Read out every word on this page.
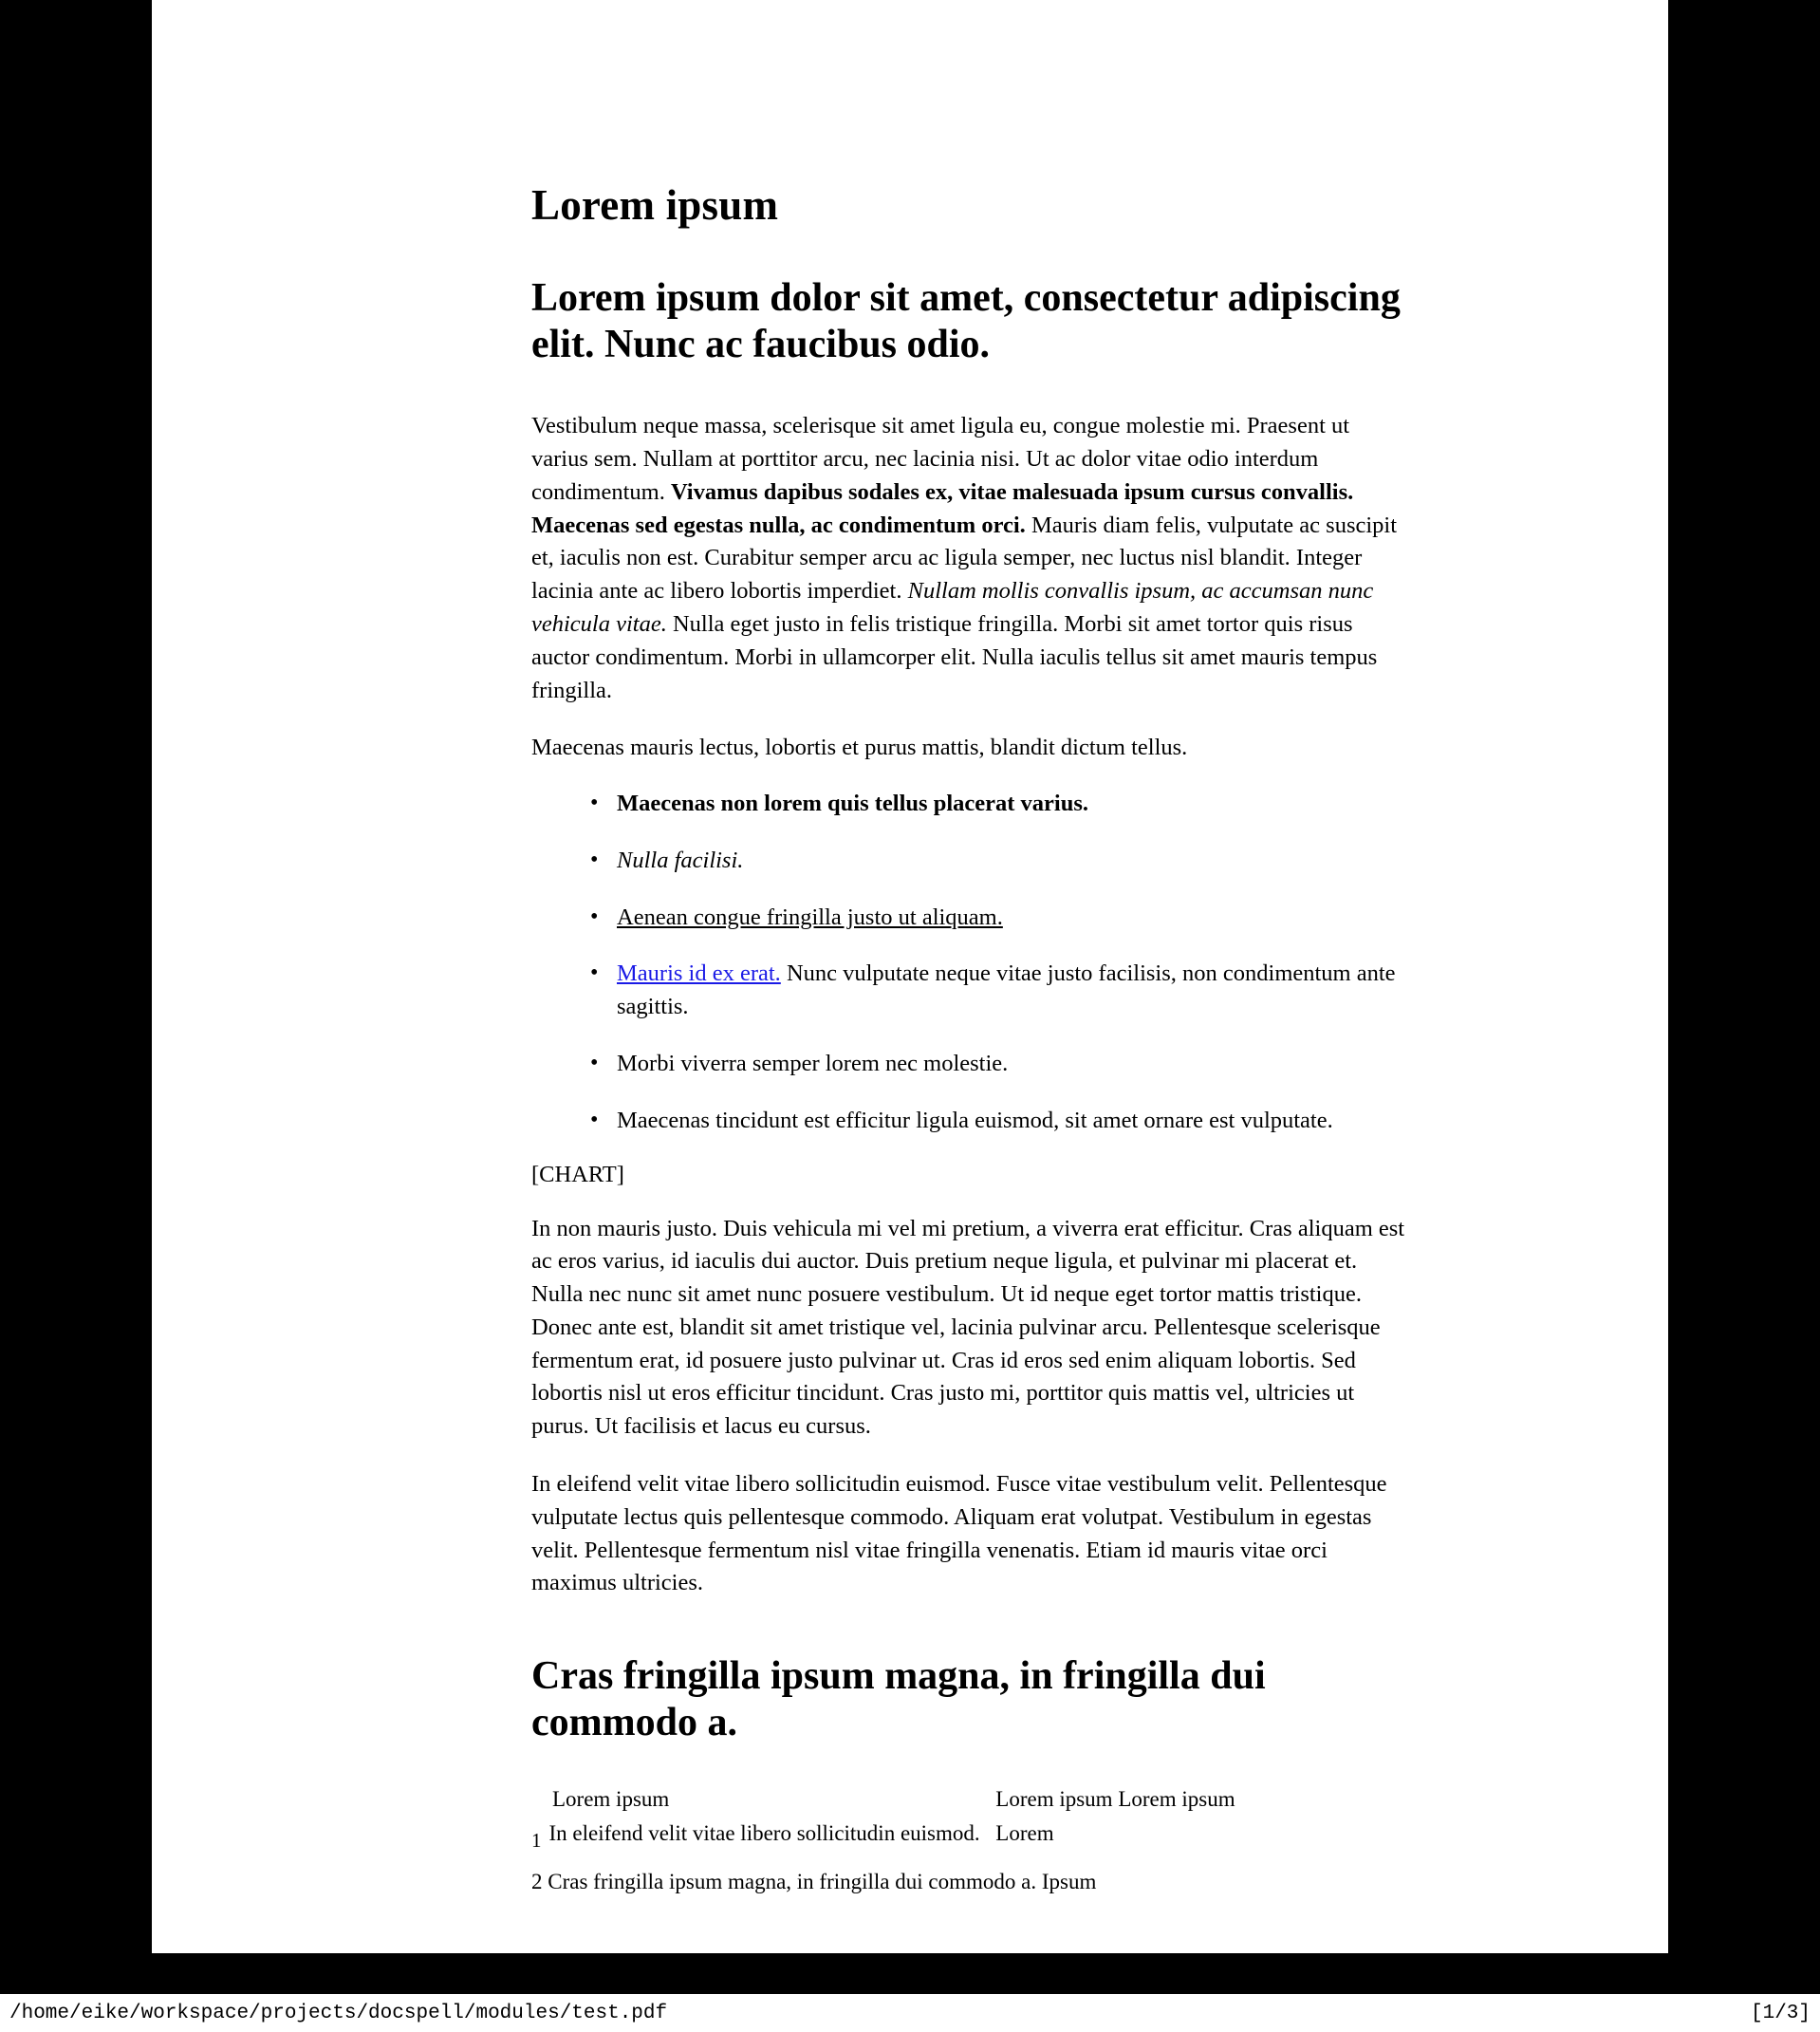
Lorem ipsum
Lorem ipsum dolor sit amet, consectetur adipiscing elit. Nunc ac faucibus odio.

Vestibulum neque massa, scelerisque sit amet ligula eu, congue molestie mi. Praesent ut varius sem. Nullam at porttitor arcu, nec lacinia nisi. Ut ac dolor vitae odio interdum condimentum. Vivamus dapibus sodales ex, vitae malesuada ipsum cursus convallis. Maecenas sed egestas nulla, ac condimentum orci. Mauris diam felis, vulputate ac suscipit et, iaculis non est. Curabitur semper arcu ac ligula semper, nec luctus nisl blandit. Integer lacinia ante ac libero lobortis imperdiet. Nullam mollis convallis ipsum, ac accumsan nunc vehicula vitae. Nulla eget justo in felis tristique fringilla. Morbi sit amet tortor quis risus auctor condimentum. Morbi in ullamcorper elit. Nulla iaculis tellus sit amet mauris tempus fringilla.

Maecenas mauris lectus, lobortis et purus mattis, blandit dictum tellus.

• Maecenas non lorem quis tellus placerat varius.
• Nulla facilisi.
• Aenean congue fringilla justo ut aliquam.
• Mauris id ex erat. Nunc vulputate neque vitae justo facilisis, non condimentum ante sagittis.
• Morbi viverra semper lorem nec molestie.
• Maecenas tincidunt est efficitur ligula euismod, sit amet ornare est vulputate.
[CHART]

In non mauris justo. Duis vehicula mi vel mi pretium, a viverra erat efficitur. Cras aliquam est ac eros varius, id iaculis dui auctor. Duis pretium neque ligula, et pulvinar mi placerat et. Nulla nec nunc sit amet nunc posuere vestibulum. Ut id neque eget tortor mattis tristique. Donec ante est, blandit sit amet tristique vel, lacinia pulvinar arcu. Pellentesque scelerisque fermentum erat, id posuere justo pulvinar ut. Cras id eros sed enim aliquam lobortis. Sed lobortis nisl ut eros efficitur tincidunt. Cras justo mi, porttitor quis mattis vel, ultricies ut purus. Ut facilisis et lacus eu cursus.

In eleifend velit vitae libero sollicitudin euismod. Fusce vitae vestibulum velit. Pellentesque vulputate lectus quis pellentesque commodo. Aliquam erat volutpat. Vestibulum in egestas velit. Pellentesque fermentum nisl vitae fringilla venenatis. Etiam id mauris vitae orci maximus ultricies.

Cras fringilla ipsum magna, in fringilla dui commodo a.
Lorem ipsum
1 In eleifend velit vitae libero sollicitudin euismod.
Lorem ipsum Lorem ipsum
Lorem
2 Cras fringilla ipsum magna, in fringilla dui commodo a. Ipsum
/home/eike/workspace/projects/docspell/modules/test.pdf	[1/3]
